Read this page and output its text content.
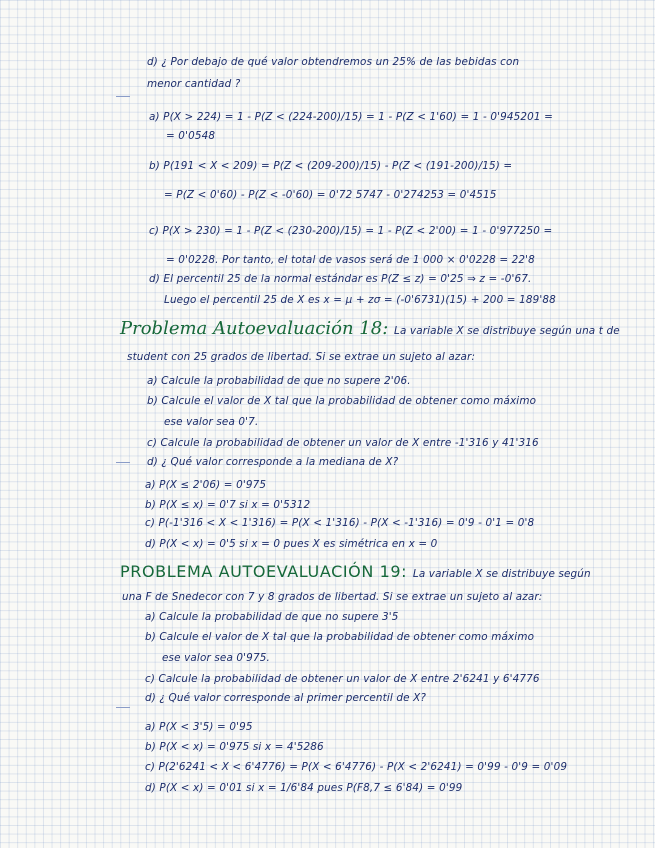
d) ¿ Por debajo de qué valor obtendremos un 25% de las bebidas con
menor cantidad ?
a) P(X > 224) = 1 - P(Z < (224-200)/15) = 1 - P(Z < 1'60) = 1 - 0'945201 =
= 0'0548
b) P(191 < X < 209) = P(Z < (209-200)/15) - P(Z < (191-200)/15) =
= P(Z < 0'60) - P(Z < -0'60) = 0'72 5747 - 0'274253 = 0'4515
c) P(X > 230) = 1 - P(Z < (230-200)/15) = 1 - P(Z < 2'00) = 1 - 0'977250 =
= 0'0228. Por tanto, el total de vasos será de 1 000 × 0'0228 = 22'8
d) El percentil 25 de la normal estándar es P(Z ≤ z) = 0'25 ⇒ z = -0'67.
Luego el percentil 25 de X es x = μ + zσ = (-0'6731)(15) + 200 = 189'88
Problema Autoevaluación 18: La variable X se distribuye según una t de
student con 25 grados de libertad. Si se extrae un sujeto al azar:
a) Calcule la probabilidad de que no supere 2'06.
b) Calcule el valor de X tal que la probabilidad de obtener como máximo
ese valor sea 0'7.
c) Calcule la probabilidad de obtener un valor de X entre -1'316 y 41'316
d) ¿ Qué valor corresponde a la mediana de X?
a) P(X ≤ 2'06) = 0'975
b) P(X ≤ x) = 0'7 si x = 0'5312
c) P(-1'316 < X < 1'316) = P(X < 1'316) - P(X < -1'316) = 0'9 - 0'1 = 0'8
d) P(X < x) = 0'5 si x = 0 pues X es simétrica en x = 0
PROBLEMA AUTOEVALUACIÓN 19: La variable X se distribuye según
una F de Snedecor con 7 y 8 grados de libertad. Si se extrae un sujeto al azar:
a) Calcule la probabilidad de que no supere 3'5
b) Calcule el valor de X tal que la probabilidad de obtener como máximo
ese valor sea 0'975.
c) Calcule la probabilidad de obtener un valor de X entre 2'6241 y 6'4776
d) ¿ Qué valor corresponde al primer percentil de X?
a) P(X < 3'5) = 0'95
b) P(X < x) = 0'975 si x = 4'5286
c) P(2'6241 < X < 6'4776) = P(X < 6'4776) - P(X < 2'6241) = 0'99 - 0'9 = 0'09
d) P(X < x) = 0'01 si x = 1/6'84 pues P(F8,7 ≤ 6'84) = 0'99
